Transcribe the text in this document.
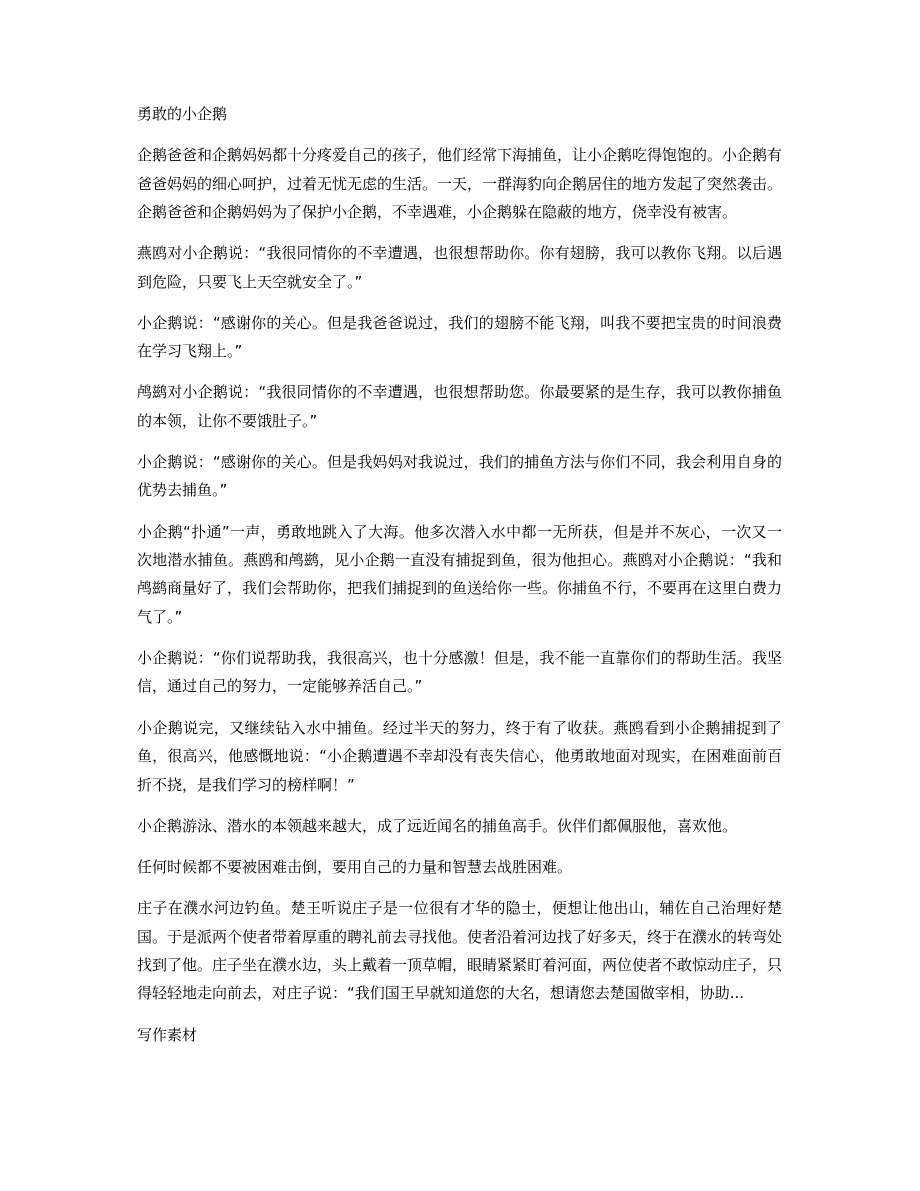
勇敢的小企鹅

企鹅爸爸和企鹅妈妈都十分疼爱自己的孩子，他们经常下海捕鱼，让小企鹅吃得饱饱的。小企鹅有爸爸妈妈的细心呵护，过着无忧无虑的生活。一天，一群海豹向企鹅居住的地方发起了突然袭击。企鹅爸爸和企鹅妈妈为了保护小企鹅，不幸遇难，小企鹅躲在隐蔽的地方，侥幸没有被害。

燕鸥对小企鹅说：“我很同情你的不幸遭遇，也很想帮助你。你有翅膀，我可以教你飞翔。以后遇到危险，只要飞上天空就安全了。”

小企鹅说：“感谢你的关心。但是我爸爸说过，我们的翅膀不能飞翔，叫我不要把宝贵的时间浪费在学习飞翔上。”

鸬鹚对小企鹅说：“我很同情你的不幸遭遇，也很想帮助您。你最要紧的是生存，我可以教你捕鱼的本领，让你不要饿肚子。”

小企鹅说：“感谢你的关心。但是我妈妈对我说过，我们的捕鱼方法与你们不同，我会利用自身的优势去捕鱼。”

小企鹅“扑通”一声，勇敢地跳入了大海。他多次潜入水中都一无所获，但是并不灰心，一次又一次地潜水捕鱼。燕鸥和鸬鹚，见小企鹅一直没有捕捉到鱼，很为他担心。燕鸥对小企鹅说：“我和鸬鹚商量好了，我们会帮助你，把我们捕捉到的鱼送给你一些。你捕鱼不行，不要再在这里白费力气了。”

小企鹅说：“你们说帮助我，我很高兴，也十分感激！但是，我不能一直靠你们的帮助生活。我坚信，通过自己的努力，一定能够养活自己。”

小企鹅说完，又继续钻入水中捕鱼。经过半天的努力，终于有了收获。燕鸥看到小企鹅捕捉到了鱼，很高兴，他感慨地说：“小企鹅遭遇不幸却没有丧失信心，他勇敢地面对现实，在困难面前百折不挠，是我们学习的榜样啊！”

小企鹅游泳、潜水的本领越来越大，成了远近闻名的捕鱼高手。伙伴们都佩服他，喜欢他。

任何时候都不要被困难击倒，要用自己的力量和智慧去战胜困难。

庄子在濮水河边钓鱼。楚王听说庄子是一位很有才华的隐士，便想让他出山，辅佐自己治理好楚国。于是派两个使者带着厚重的聘礼前去寻找他。使者沿着河边找了好多天，终于在濮水的转弯处找到了他。庄子坐在濮水边，头上戴着一顶草帽，眼睛紧紧盯着河面，两位使者不敢惊动庄子，只得轻轻地走向前去，对庄子说：“我们国王早就知道您的大名，想请您去楚国做宰相，协助...

写作素材
